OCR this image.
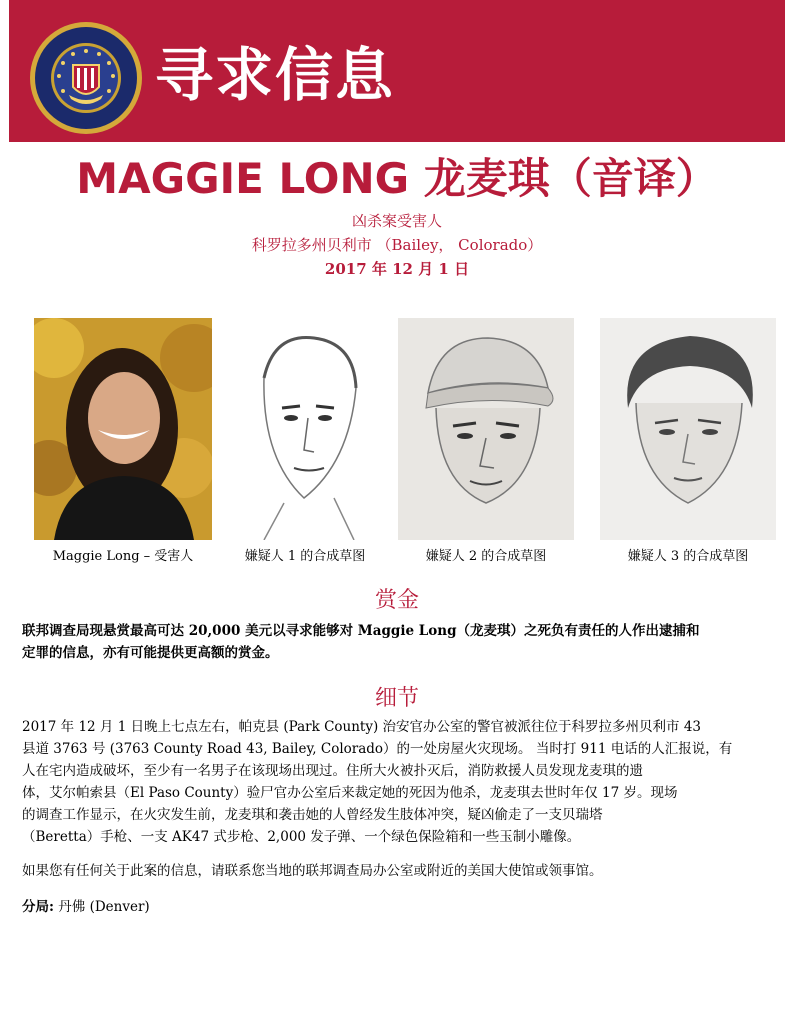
寻求信息
MAGGIE LONG 龙麦琪（音译）
凶杀案受害人
科罗拉多州贝利市 （Bailey， Colorado）
2017 年 12 月 1 日
Maggie Long – 受害人	嫌疑人 1 的合成草图	嫌疑人 2 的合成草图	嫌疑人 3 的合成草图
赏金
联邦调查局现悬赏最高可达 20,000 美元以寻求能够对 Maggie Long（龙麦琪）之死负有责任的人作出逮捕和
定罪的信息，亦有可能提供更高额的赏金。
细节
2017 年 12 月 1 日晚上七点左右，帕克县 (Park County) 治安官办公室的警官被派往位于科罗拉多州贝利市 43
县道 3763 号 (3763 County Road 43, Bailey, Colorado）的一处房屋火灾现场。 当时打 911 电话的人汇报说，有
人在宅内造成破坏，至少有一名男子在该现场出现过。住所大火被扑灭后，消防救援人员发现龙麦琪的遗
体，艾尔帕索县（El Paso County）验尸官办公室后来裁定她的死因为他杀，龙麦琪去世时年仅 17 岁。现场
的调查工作显示，在火灾发生前，龙麦琪和袭击她的人曾经发生肢体冲突，疑凶偷走了一支贝瑞塔
（Beretta）手枪、一支 AK47 式步枪、2,000 发子弹、一个绿色保险箱和一些玉制小雕像。
如果您有任何关于此案的信息，请联系您当地的联邦调查局办公室或附近的美国大使馆或领事馆。
分局: 丹佛 (Denver)
